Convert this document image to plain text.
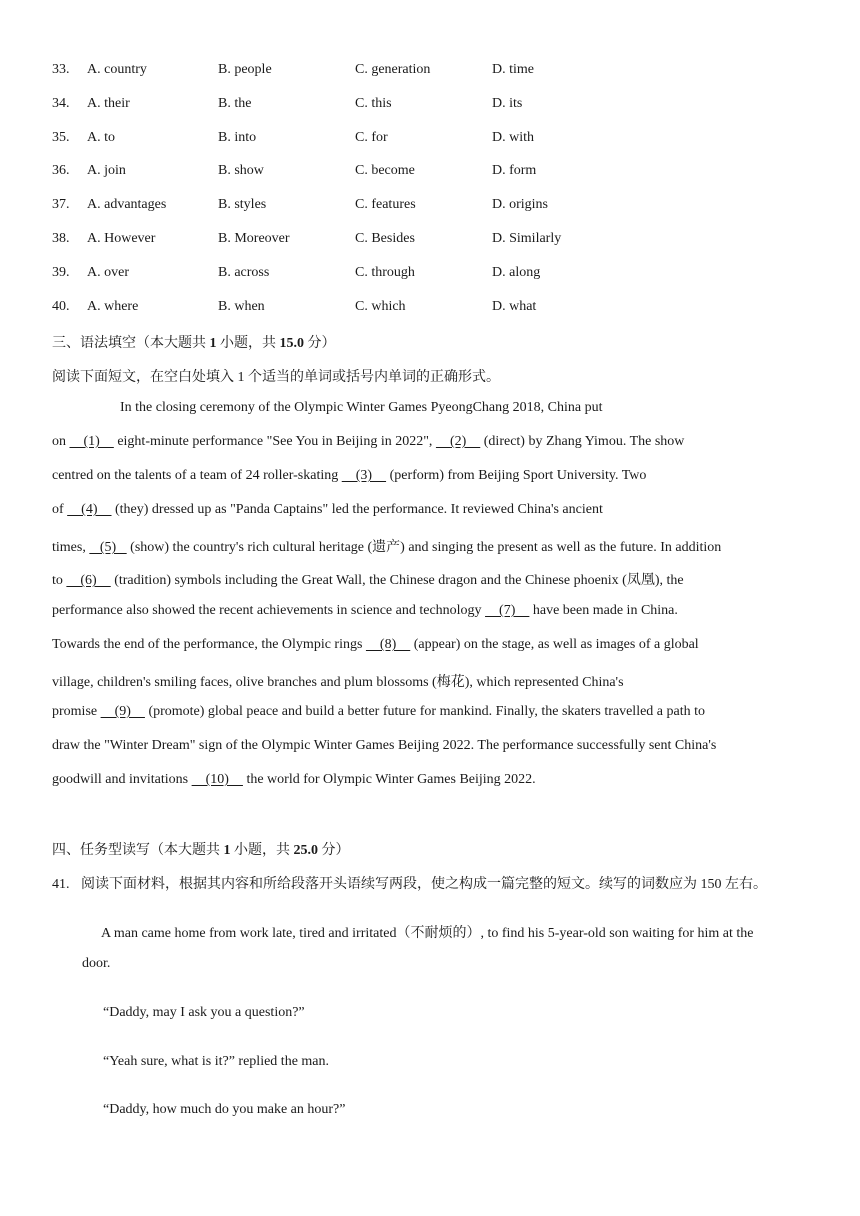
33. A. country	B. people	C. generation	D. time
34. A. their	B. the	C. this	D. its
35. A. to	B. into	C. for	D. with
36. A. join	B. show	C. become	D. form
37. A. advantages	B. styles	C. features	D. origins
38. A. However	B. Moreover	C. Besides	D. Similarly
39. A. over	B. across	C. through	D. along
40. A. where	B. when	C. which	D. what
三、语法填空（本大题共 1 小题，共 15.0 分）
阅读下面短文，在空白处填入 1 个适当的单词或括号内单词的正确形式。
In the closing ceremony of the Olympic Winter Games PyeongChang 2018, China put
on     (1)     eight-minute performance "See You in Beijing in 2022",     (2)     (direct) by Zhang Yimou. The show
centred on the talents of a team of 24 roller-skating     (3)     (perform) from Beijing Sport University. Two
of     (4)     (they) dressed up as "Panda Captains" led the performance. It reviewed China's ancient
times,    (5)    (show) the country's rich cultural heritage (遗产) and singing the present as well as the future. In addition
to     (6)     (tradition) symbols including the Great Wall, the Chinese dragon and the Chinese phoenix (凤凰), the
performance also showed the recent achievements in science and technology     (7)     have been made in China.
Towards the end of the performance, the Olympic rings     (8)     (appear) on the stage, as well as images of a global
village, children's smiling faces, olive branches and plum blossoms (梅花), which represented China's
promise     (9)     (promote) global peace and build a better future for mankind. Finally, the skaters travelled a path to
draw the "Winter Dream" sign of the Olympic Winter Games Beijing 2022. The performance successfully sent China's
goodwill and invitations     (10)     the world for Olympic Winter Games Beijing 2022.
四、任务型读写（本大题共 1 小题，共 25.0 分）
41. 阅读下面材料，根据其内容和所给段落开头语续写两段，使之构成一篇完整的短文。续写的词数应为 150 左右。
A man came home from work late, tired and irritated（不耐烦的）, to find his 5-year-old son waiting for him at the
door.
“Daddy, may I ask you a question?”
“Yeah sure, what is it?” replied the man.
“Daddy, how much do you make an hour?”
